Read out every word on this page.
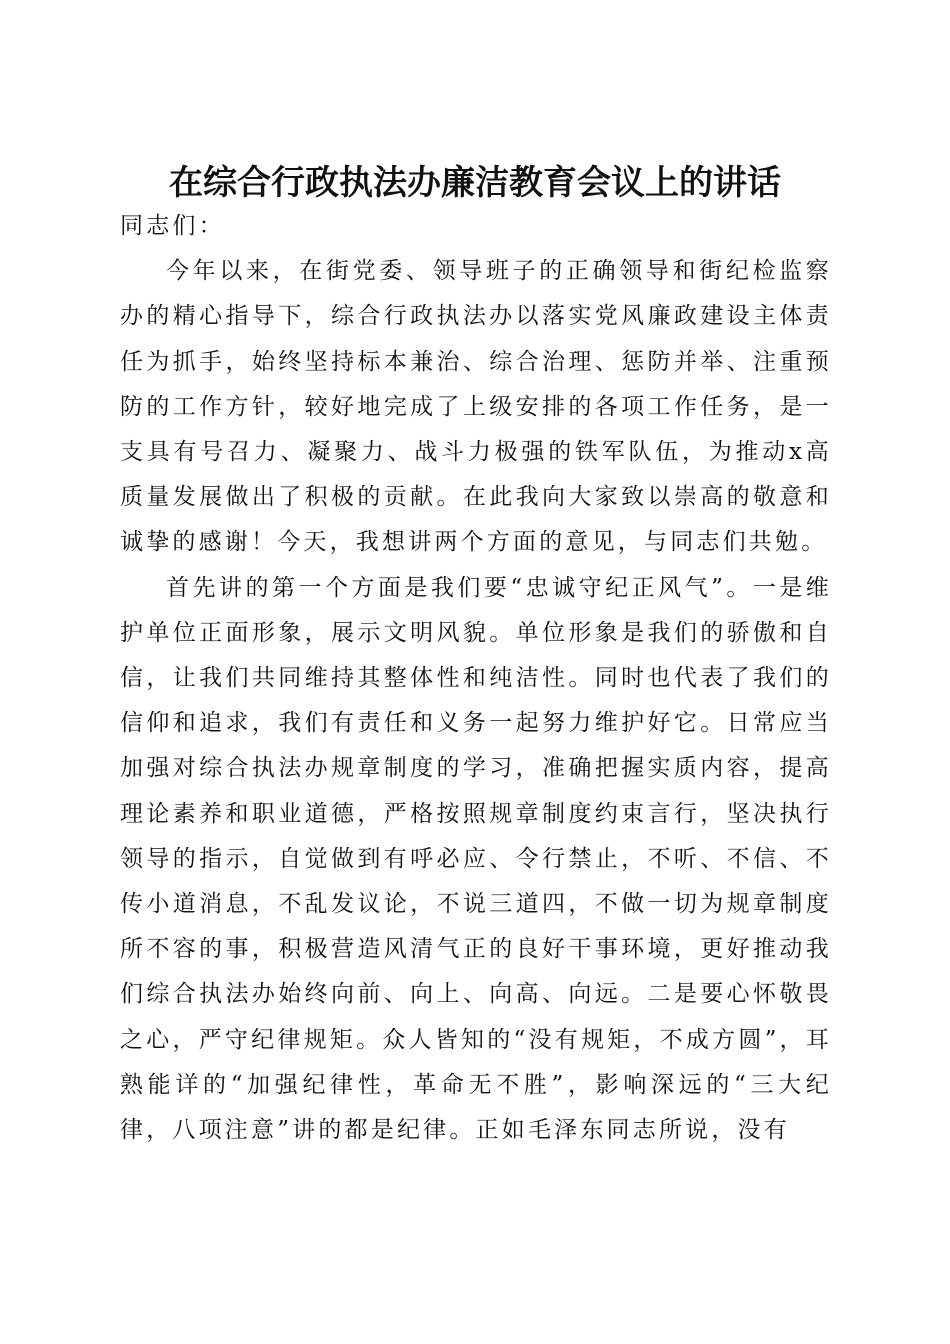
在综合行政执法办廉洁教育会议上的讲话

同志们：

今年以来，在街党委、领导班子的正确领导和街纪检监察办的精心指导下，综合行政执法办以落实党风廉政建设主体责任为抓手，始终坚持标本兼治、综合治理、惩防并举、注重预防的工作方针，较好地完成了上级安排的各项工作任务，是一支具有号召力、凝聚力、战斗力极强的铁军队伍，为推动x高质量发展做出了积极的贡献。在此我向大家致以崇高的敬意和诚挚的感谢！今天，我想讲两个方面的意见，与同志们共勉。

首先讲的第一个方面是我们要“忠诚守纪正风气”。一是维护单位正面形象，展示文明风貌。单位形象是我们的骄傲和自信，让我们共同维持其整体性和纯洁性。同时也代表了我们的信仰和追求，我们有责任和义务一起努力维护好它。日常应当加强对综合执法办规章制度的学习，准确把握实质内容，提高理论素养和职业道德，严格按照规章制度约束言行，坚决执行领导的指示，自觉做到有呼必应、令行禁止，不听、不信、不传小道消息，不乱发议论，不说三道四，不做一切为规章制度所不容的事，积极营造风清气正的良好干事环境，更好推动我们综合执法办始终向前、向上、向高、向远。二是要心怀敬畏之心，严守纪律规矩。众人皆知的“没有规矩，不成方圆”，耳熟能详的“加强纪律性，革命无不胜”，影响深远的“三大纪律，八项注意”讲的都是纪律。正如毛泽东同志所说，没有
